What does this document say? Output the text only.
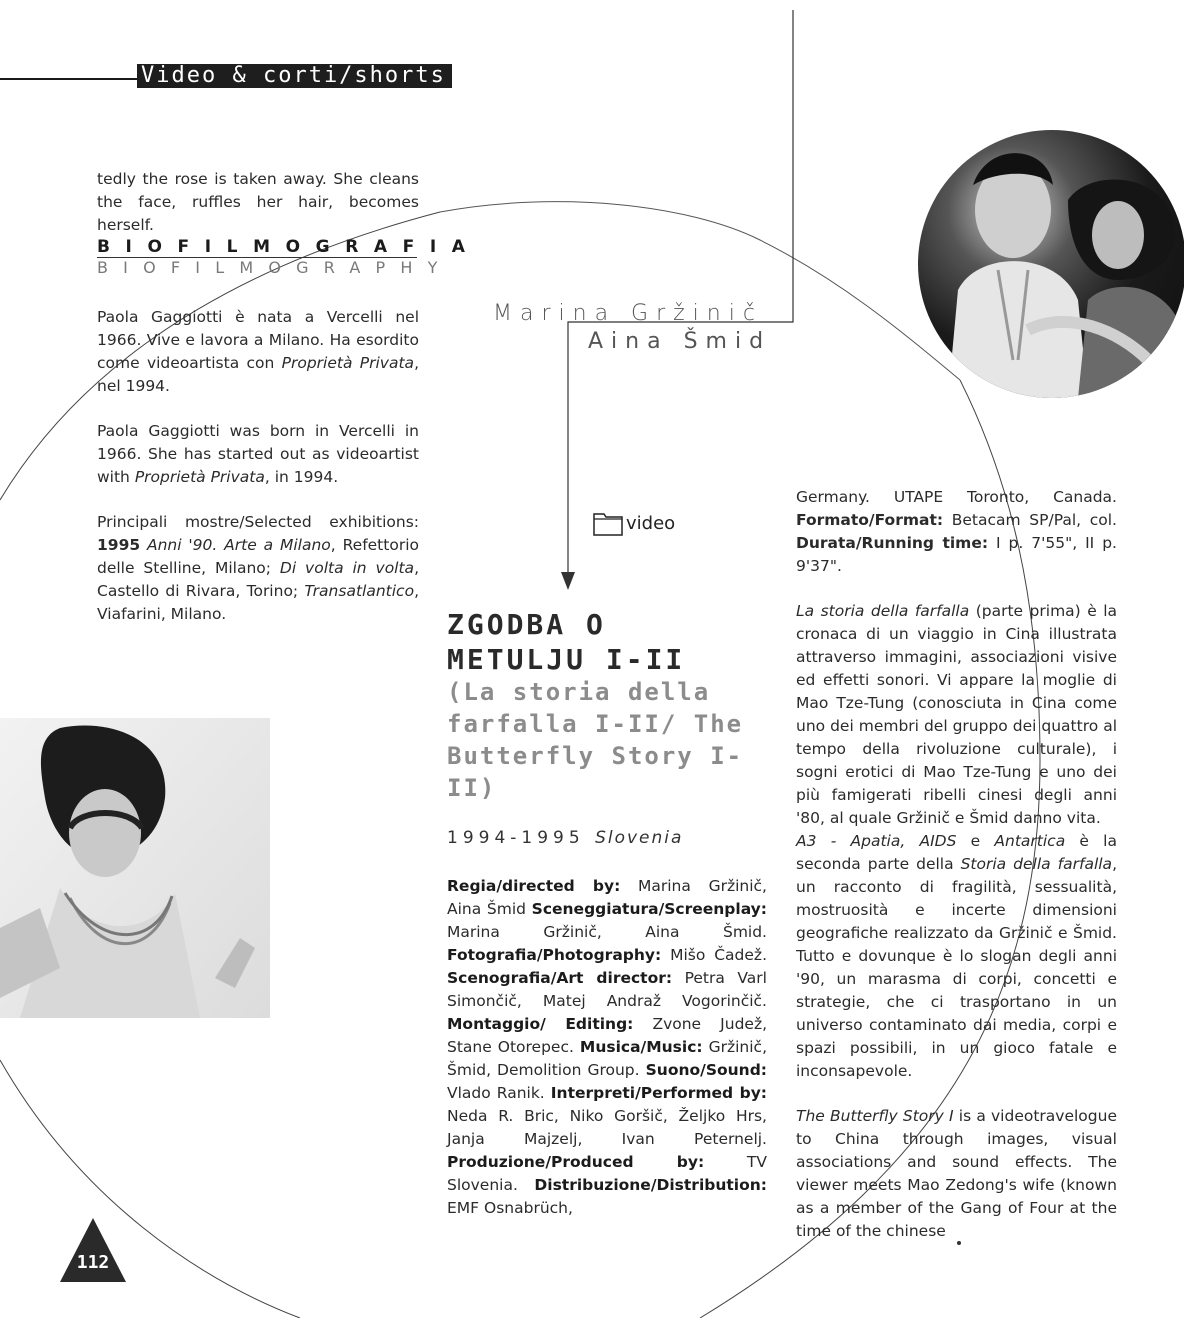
Video & corti/shorts
tedly the rose is taken away. She cleans the face, ruffles her hair, becomes herself.
BIOFILMOGRAFIA
BIOFILMOGRAPHY

Paola Gaggiotti è nata a Vercelli nel 1966. Vive e lavora a Milano. Ha esordito come videoartista con Proprietà Privata, nel 1994.

Paola Gaggiotti was born in Vercelli in 1966. She has started out as videoartist with Proprietà Privata, in 1994.

Principali mostre/Selected exhibitions: 1995 Anni '90. Arte a Milano, Refettorio delle Stelline, Milano; Di volta in volta, Castello di Rivara, Torino; Transatlantico, Viafarini, Milano.

Marina Gržinič
Aina Šmid
video
ZGODBA O
METULJU I-II
(La storia della farfalla I-II/ The Butterfly Story I-II)
1994-1995 Slovenia
Regia/directed by: Marina Gržinič, Aina Šmid Sceneggiatura/Screenplay: Marina Gržinič, Aina Šmid. Fotografia/Photography: Mišo Čadež. Scenografia/Art director: Petra Varl Simončič, Matej Andraž Vogorinčič. Montaggio/ Editing: Zvone Judež, Stane Otorepec. Musica/Music: Gržinič, Šmid, Demolition Group. Suono/Sound: Vlado Ranik. Interpreti/Performed by: Neda R. Bric, Niko Goršič, Željko Hrs, Janja Majzelj, Ivan Peternelj. Produzione/Produced by: TV Slovenia. Distribuzione/Distribution: EMF Osnabrüch,

Germany. UTAPE Toronto, Canada. Formato/Format: Betacam SP/Pal, col. Durata/Running time: I p. 7'55", II p. 9'37".

La storia della farfalla (parte prima) è la cronaca di un viaggio in Cina illustrata attraverso immagini, associazioni visive ed effetti sonori. Vi appare la moglie di Mao Tze-Tung (conosciuta in Cina come uno dei membri del gruppo dei quattro al tempo della rivoluzione culturale), i sogni erotici di Mao Tze-Tung e uno dei più famigerati ribelli cinesi degli anni '80, al quale Gržinič e Šmid danno vita.

A3 - Apatia, AIDS e Antartica è la seconda parte della Storia della farfalla, un racconto di fragilità, sessualità, mostruosità e incerte dimensioni geografiche realizzato da Gržinič e Šmid. Tutto e dovunque è lo slogan degli anni '90, un marasma di corpi, concetti e strategie, che ci trasportano in un universo contaminato dai media, corpi e spazi possibili, in un gioco fatale e inconsapevole.

The Butterfly Story I is a videotravelogue to China through images, visual associations and sound effects. The viewer meets Mao Zedong's wife (known as a member of the Gang of Four at the time of the chinese

112
